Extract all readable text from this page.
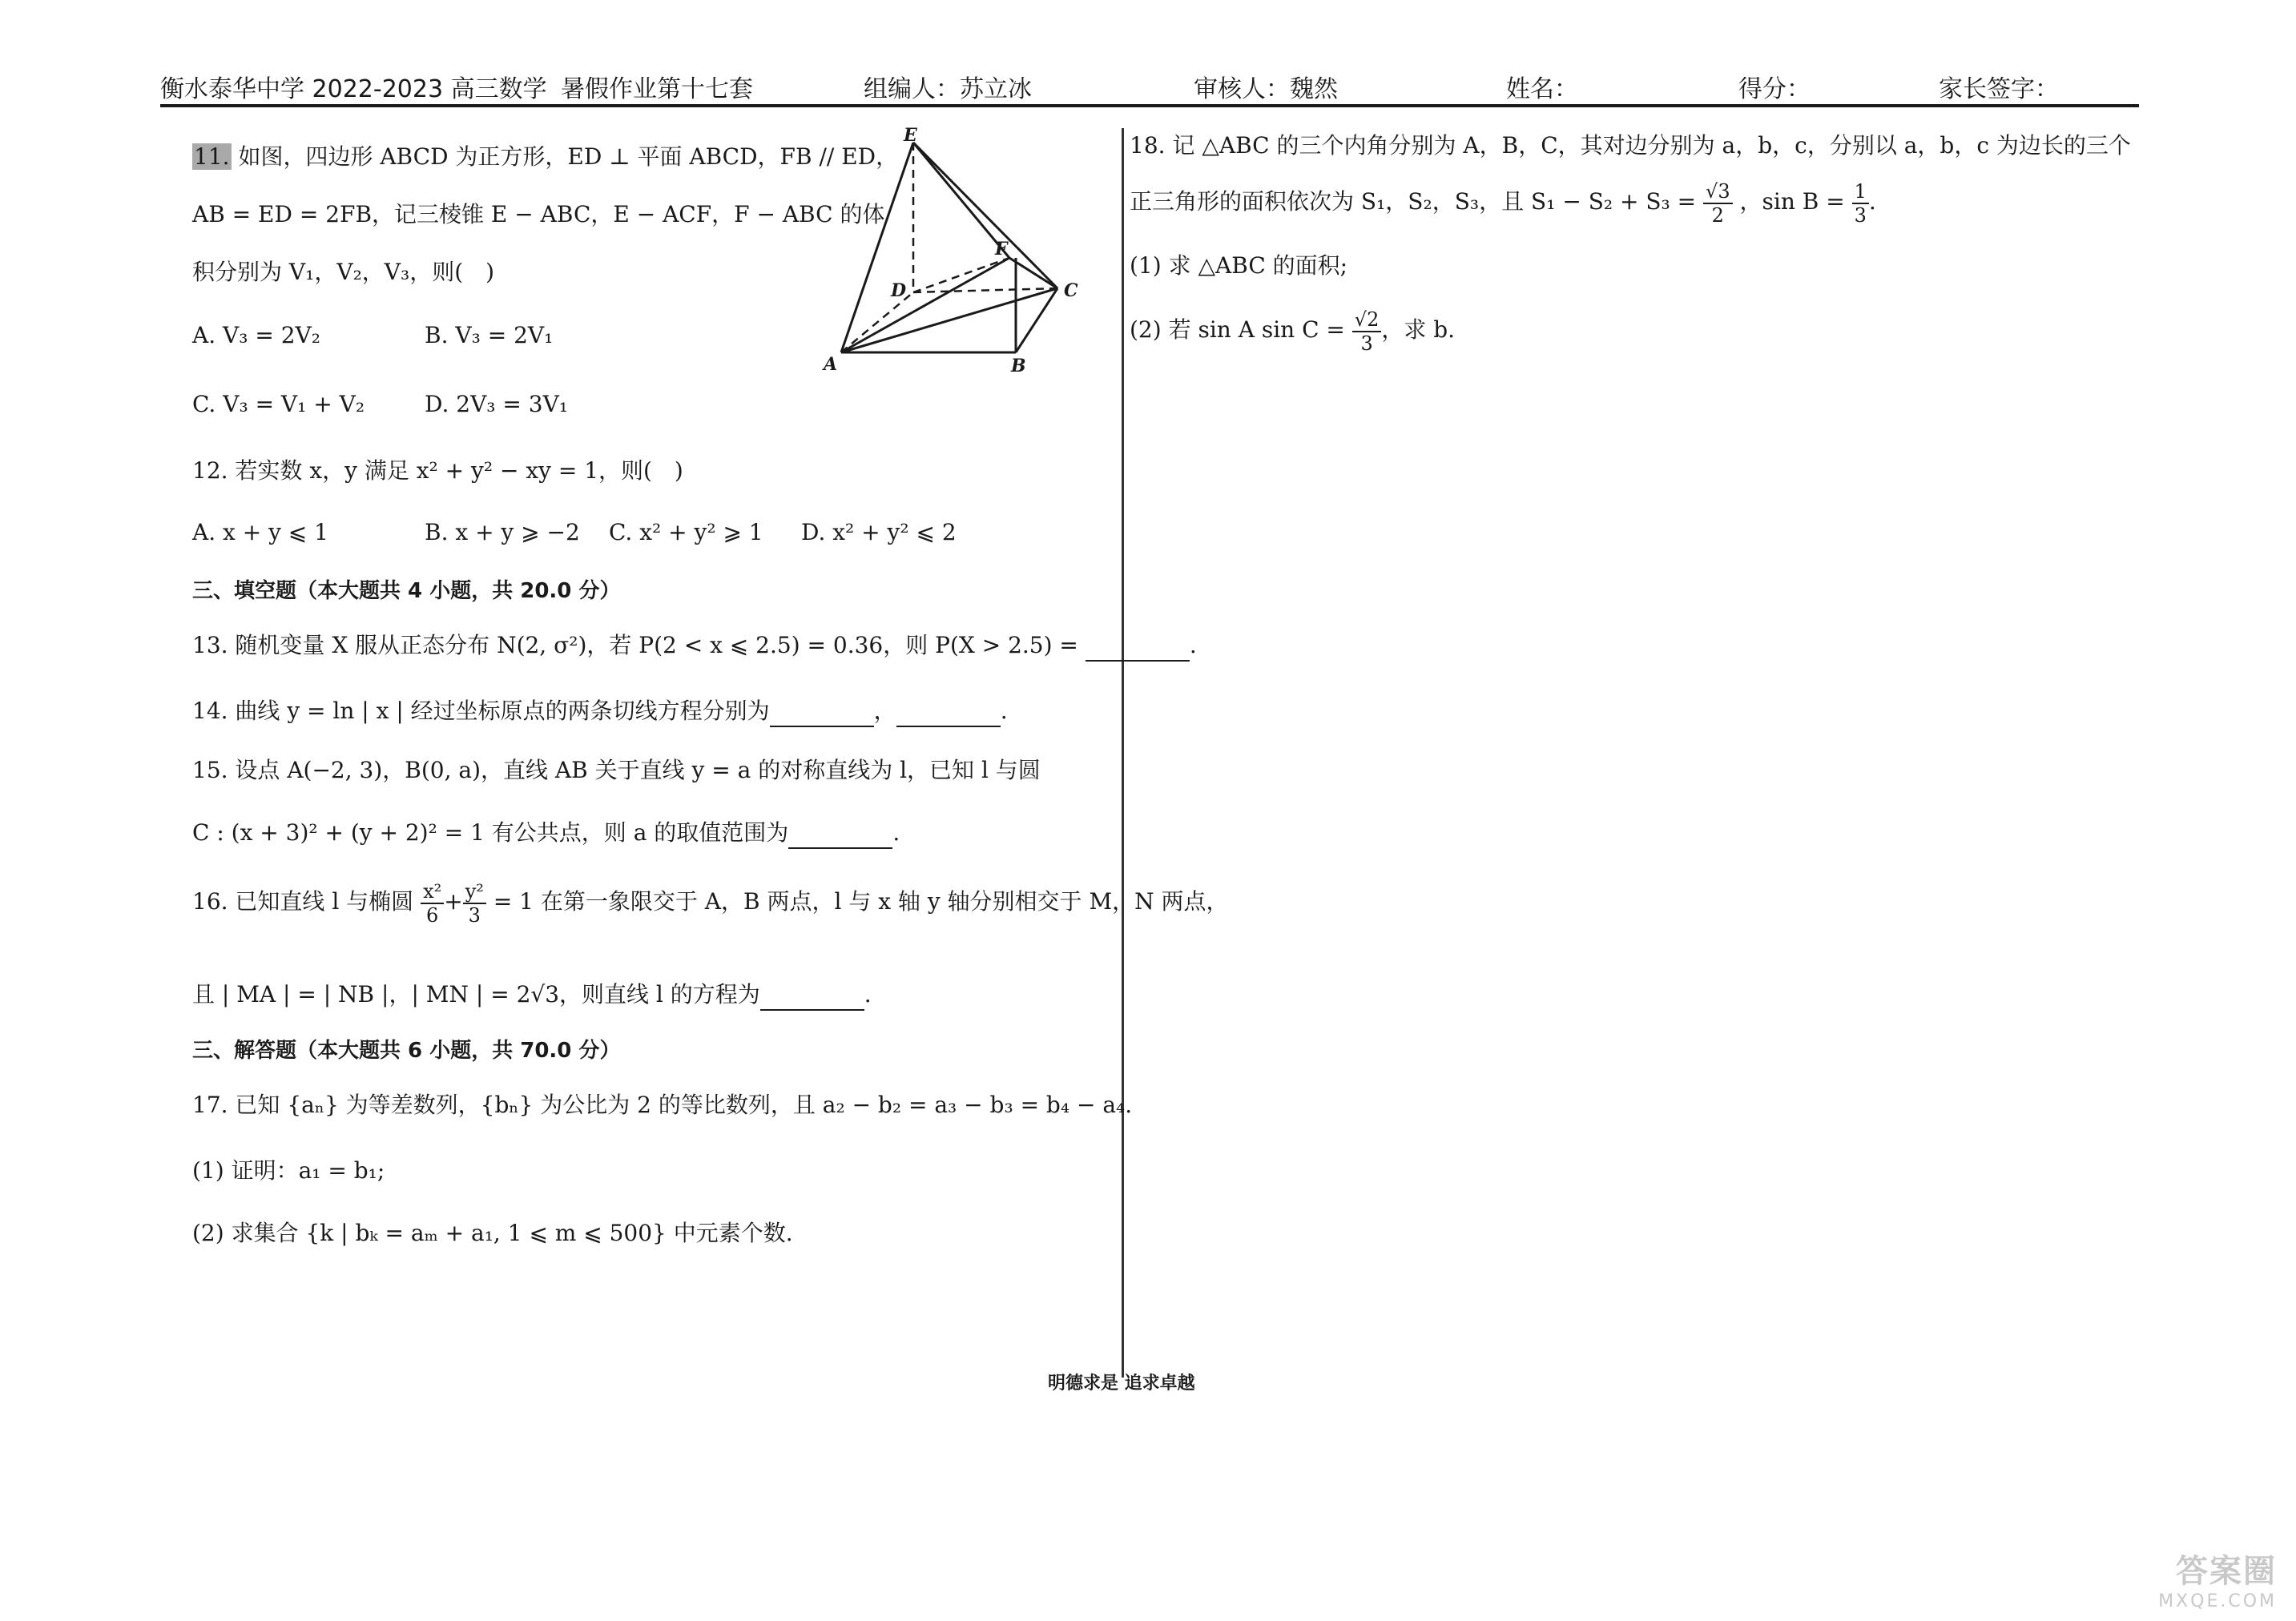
衡水泰华中学 2022-2023 高三数学 暑假作业第十七套	组编人：苏立冰	审核人：魏然	姓名：	得分：	家长签字：
11. 如图，四边形 ABCD 为正方形，ED ⊥ 平面 ABCD，FB // ED，
AB = ED = 2FB，记三棱锥 E − ABC，E − ACF，F − ABC 的体
积分别为 V₁，V₂，V₃，则(　)
A. V₃ = 2V₂	B. V₃ = 2V₁
C. V₃ = V₁ + V₂	D. 2V₃ = 3V₁
12. 若实数 x，y 满足 x² + y² − xy = 1，则(　)
A. x + y ⩽ 1	B. x + y ⩾ −2 C. x² + y² ⩾ 1 D. x² + y² ⩽ 2
三、填空题（本大题共 4 小题，共 20.0 分）
13. 随机变量 X 服从正态分布 N(2, σ²)，若 P(2 < x ⩽ 2.5) = 0.36，则 P(X > 2.5) =	.
14. 曲线 y = ln | x | 经过坐标原点的两条切线方程分别为	，	.
15. 设点 A(−2, 3)，B(0, a)，直线 AB 关于直线 y = a 的对称直线为 l，已知 l 与圆
C : (x + 3)² + (y + 2)² = 1 有公共点，则 a 的取值范围为	.
16. 已知直线 l 与椭圆 $\frac{\text{x²}}{6} + \frac{\text{y²}}{3} = 1$ 在第一象限交于 A，B 两点，l 与 x 轴 y 轴分别相交于 M，N 两点，
且 | MA | = | NB |，| MN | = 2√3，则直线 l 的方程为	.
三、解答题（本大题共 6 小题，共 70.0 分）
17. 已知 {aₙ} 为等差数列，{bₙ} 为公比为 2 的等比数列，且 a₂ − b₂ = a₃ − b₃ = b₄ − a₄.
(1) 证明：a₁ = b₁;
(2) 求集合 {k | bₖ = aₘ + a₁, 1 ⩽ m ⩽ 500} 中元素个数.
E
D
F
C
A	B
18. 记 △ABC 的三个内角分别为 A，B，C，其对边分别为 a，b，c，分别以 a，b，c 为边长的三个
正三角形的面积依次为 S₁，S₂，S₃，且 $S_1 - S_2 + S_3 = \frac{√3}{2}$ ，$\sin B = \frac{1}{3}$ .
(1) 求 △ABC 的面积;
(2) 若 sin A $\sin C = \frac{√2}{3}$ ，求 b.
明德求是 追求卓越
答案圈
MXQE.COM
